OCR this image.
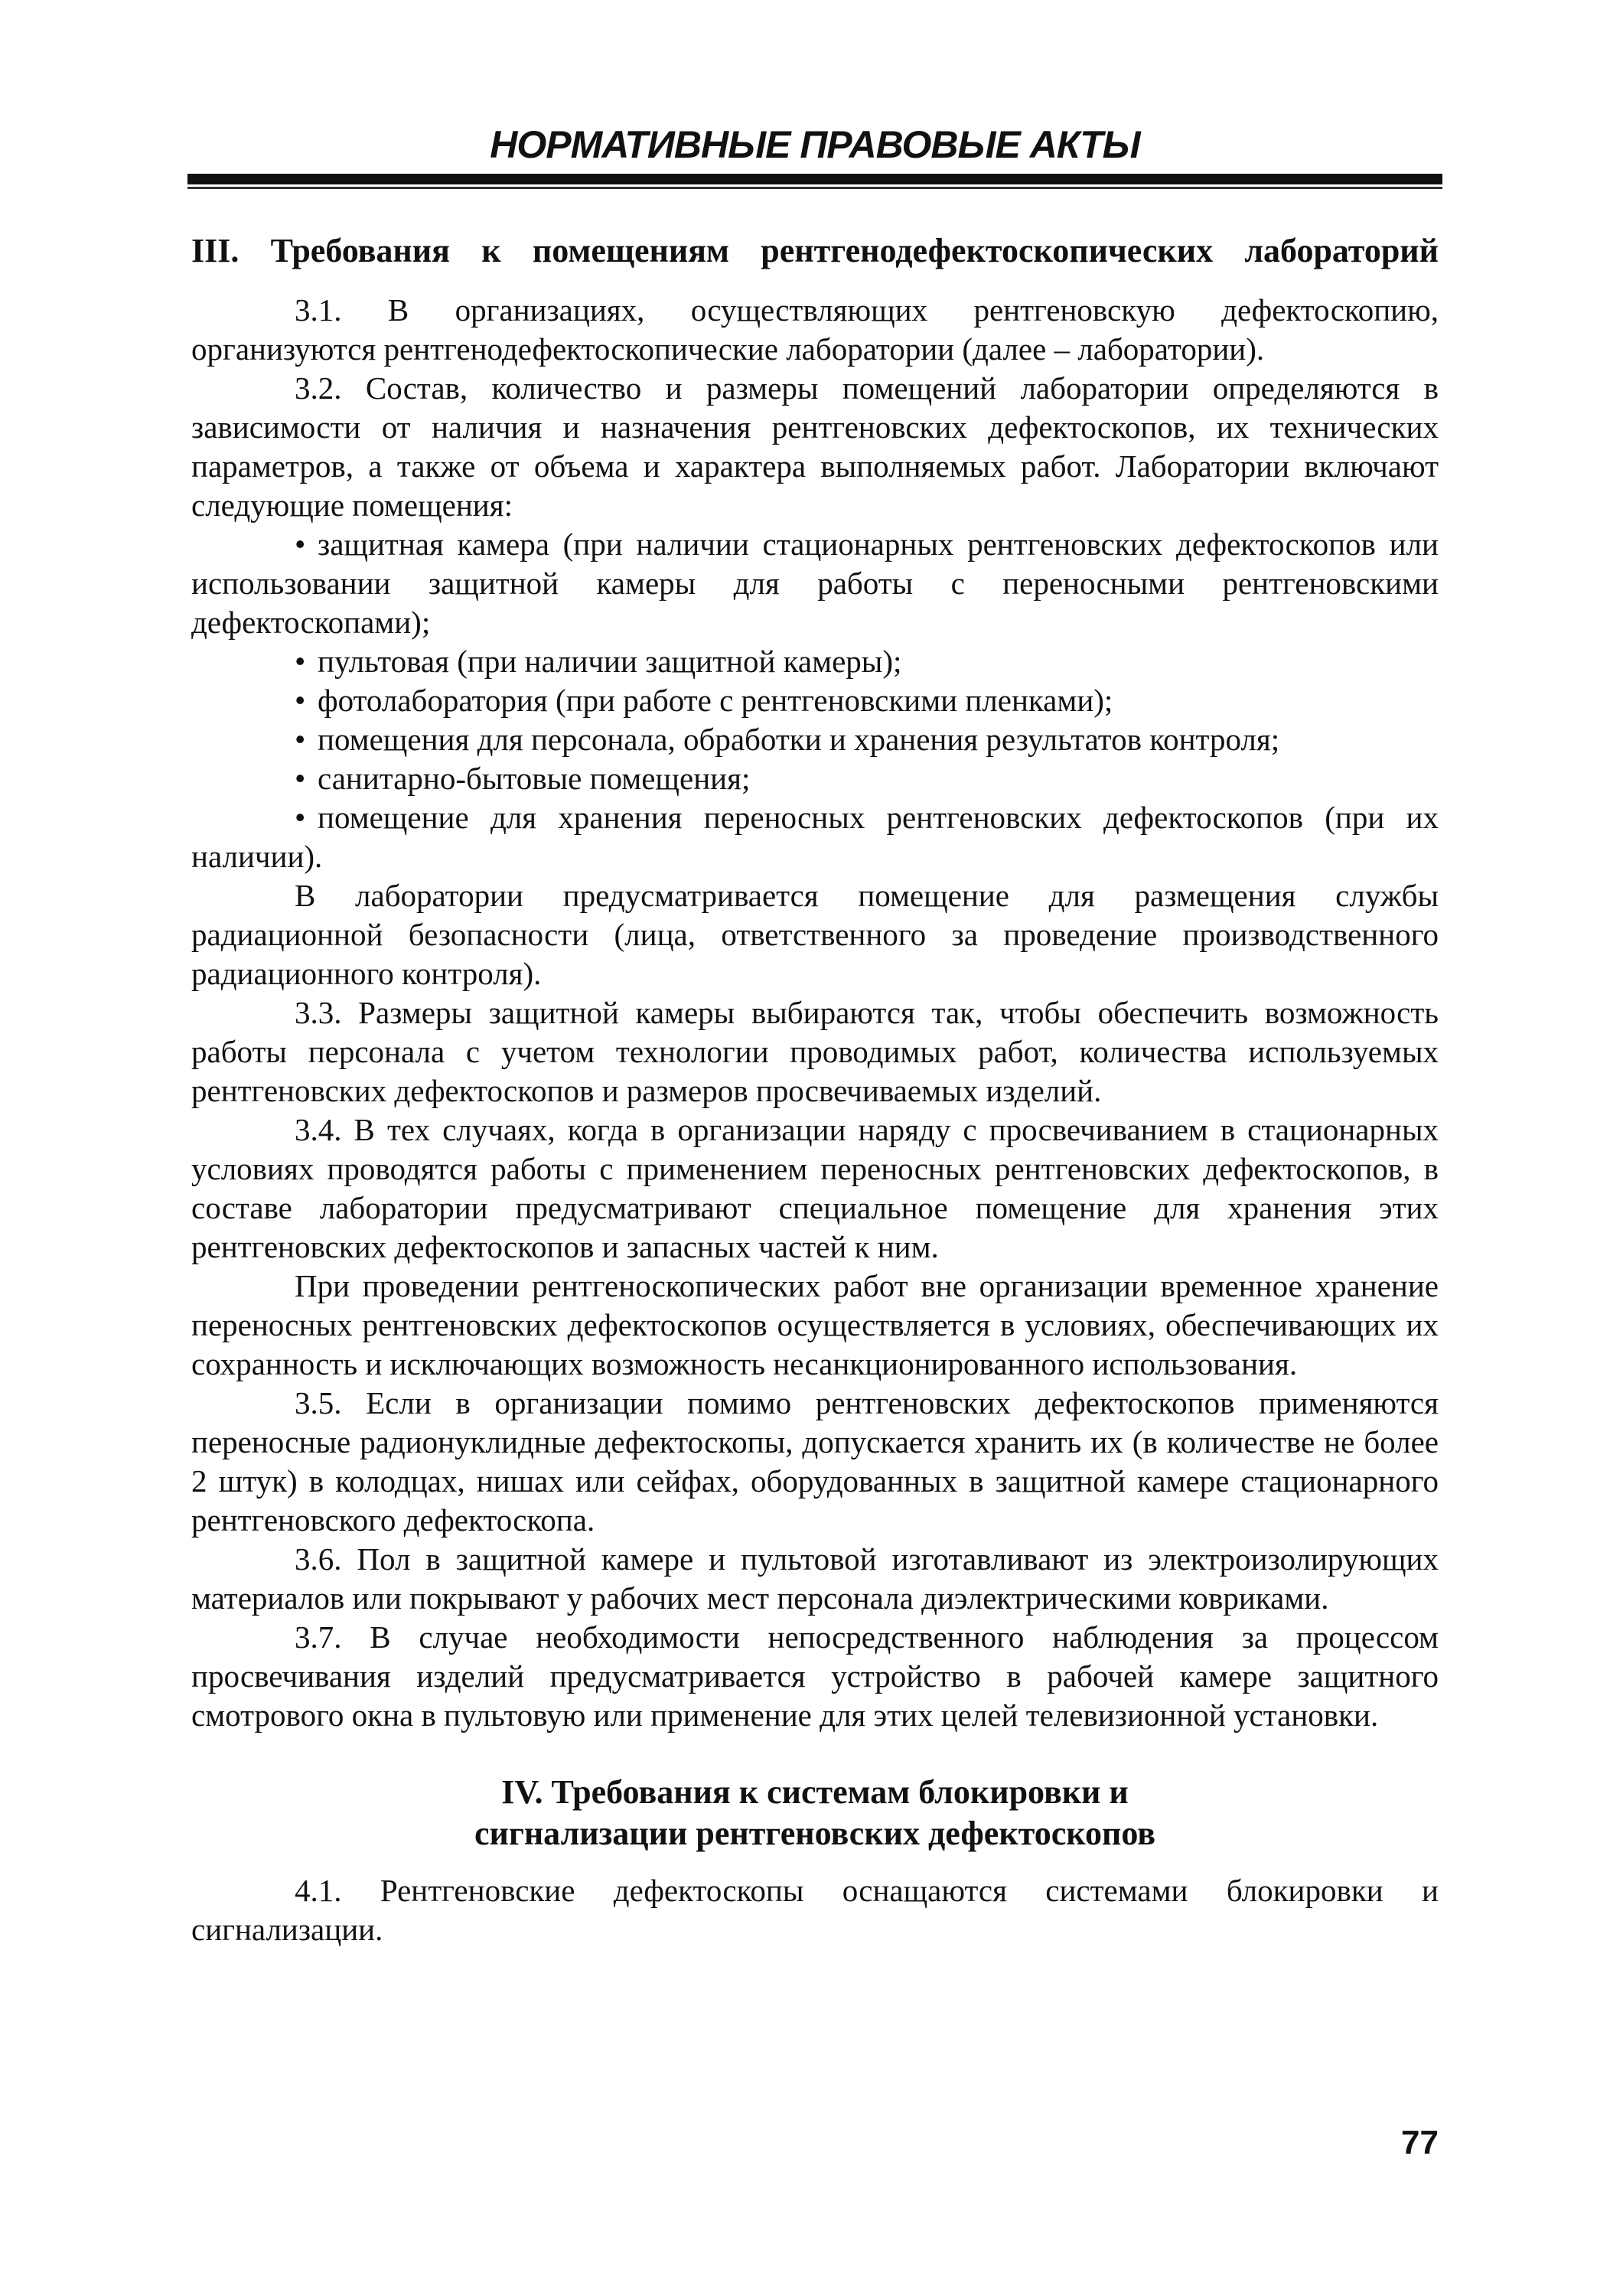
НОРМАТИВНЫЕ ПРАВОВЫЕ АКТЫ
III. Требования к помещениям рентгенодефектоскопических лабораторий

3.1. В организациях, осуществляющих рентгеновскую дефектоскопию, организуются рентгенодефектоскопические лаборатории (далее – лаборатории).

3.2. Состав, количество и размеры помещений лаборатории определяются в зависимости от наличия и назначения рентгеновских дефектоскопов, их технических параметров, а также от объема и характера выполняемых работ. Лаборатории включают следующие помещения:

• защитная камера (при наличии стационарных рентгеновских дефектоскопов или использовании защитной камеры для работы с переносными рентгеновскими дефектоскопами);

• пультовая (при наличии защитной камеры);

• фотолаборатория (при работе с рентгеновскими пленками);

• помещения для персонала, обработки и хранения результатов контроля;

• санитарно-бытовые помещения;

• помещение для хранения переносных рентгеновских дефектоскопов (при их наличии).

В лаборатории предусматривается помещение для размещения службы радиационной безопасности (лица, ответственного за проведение производственного радиационного контроля).

3.3. Размеры защитной камеры выбираются так, чтобы обеспечить возможность работы персонала с учетом технологии проводимых работ, количества используемых рентгеновских дефектоскопов и размеров просвечиваемых изделий.

3.4. В тех случаях, когда в организации наряду с просвечиванием в стационарных условиях проводятся работы с применением переносных рентгеновских дефектоскопов, в составе лаборатории предусматривают специальное помещение для хранения этих рентгеновских дефектоскопов и запасных частей к ним.

При проведении рентгеноскопических работ вне организации временное хранение переносных рентгеновских дефектоскопов осуществляется в условиях, обеспечивающих их сохранность и исключающих возможность несанкционированного использования.

3.5. Если в организации помимо рентгеновских дефектоскопов применяются переносные радионуклидные дефектоскопы, допускается хранить их (в количестве не более 2 штук) в колодцах, нишах или сейфах, оборудованных в защитной камере стационарного рентгеновского дефектоскопа.

3.6. Пол в защитной камере и пультовой изготавливают из электроизолирующих материалов или покрывают у рабочих мест персонала диэлектрическими ковриками.

3.7. В случае необходимости непосредственного наблюдения за процессом просвечивания изделий предусматривается устройство в рабочей камере защитного смотрового окна в пультовую или применение для этих целей телевизионной установки.

IV. Требования к системам блокировки и
сигнализации рентгеновских дефектоскопов

4.1. Рентгеновские дефектоскопы оснащаются системами блокировки и сигнализации.

77
